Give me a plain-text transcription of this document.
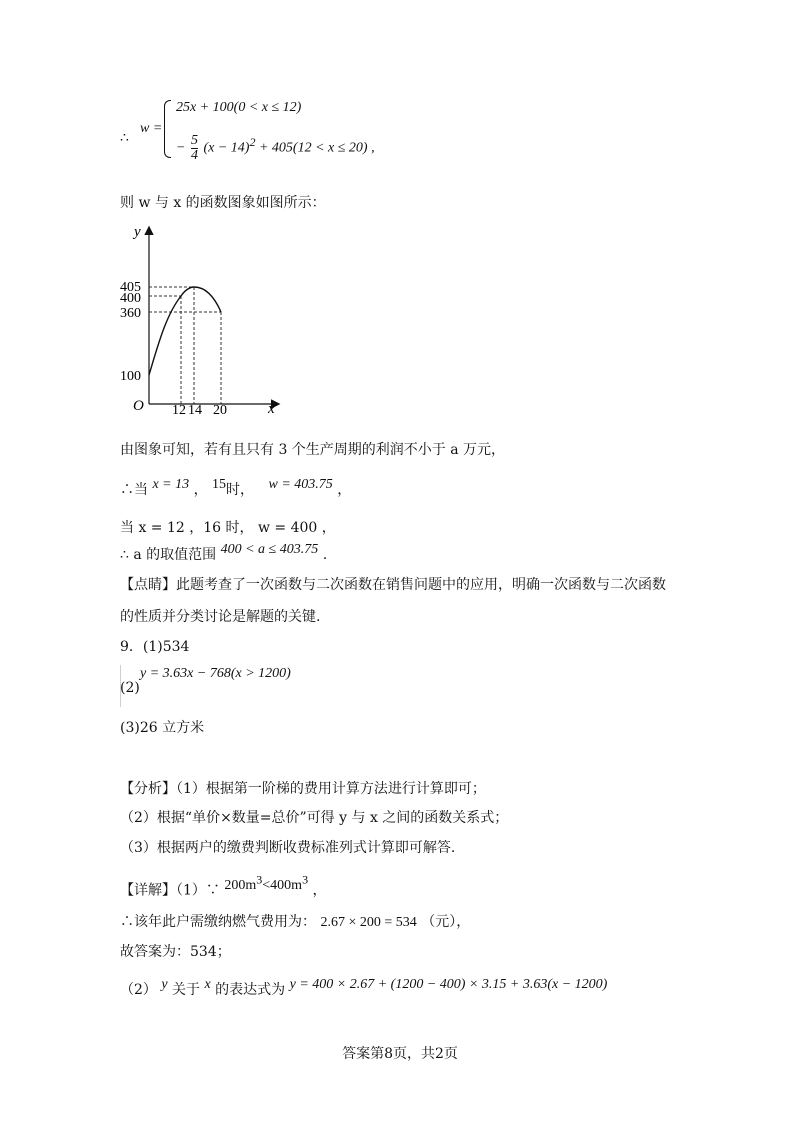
∴
w =
25x + 100(0 < x ≤ 12)
− $\frac{5}{4} (x - 14)^2 + 405(12 < x \le 20)$ ,
则 w 与 x 的函数图象如图所示：
y
x
O
405
400
360
100
12 14 20
由图象可知，若有且只有 3 个生产周期的利润不小于 a 万元，
∴当 x = 13 ， 15时， w = 403.75 ，
当 x = 12 ，16 时， w = 400 ，
∴ a 的取值范围 400 < a ≤ 403.75 .
【点睛】此题考查了一次函数与二次函数在销售问题中的应用，明确一次函数与二次函数
的性质并分类讨论是解题的关键.
9．(1)534
(2)
y = 3.63x − 768(x > 1200)
(3)26 立方米
【分析】（1）根据第一阶梯的费用计算方法进行计算即可；
（2）根据“单价×数量=总价”可得 y 与 x 之间的函数关系式；
（3）根据两户的缴费判断收费标准列式计算即可解答.
【详解】（1）∵ $200m^3<400m^3$ ，
∴该年此户需缴纳燃气费用为： 2.67 × 200 = 534 （元），
故答案为：534；
（2） y 关于 x 的表达式为 y = 400 × 2.67 + (1200 − 400) × 3.15 + 3.63(x − 1200)
答案第8页，共2页
